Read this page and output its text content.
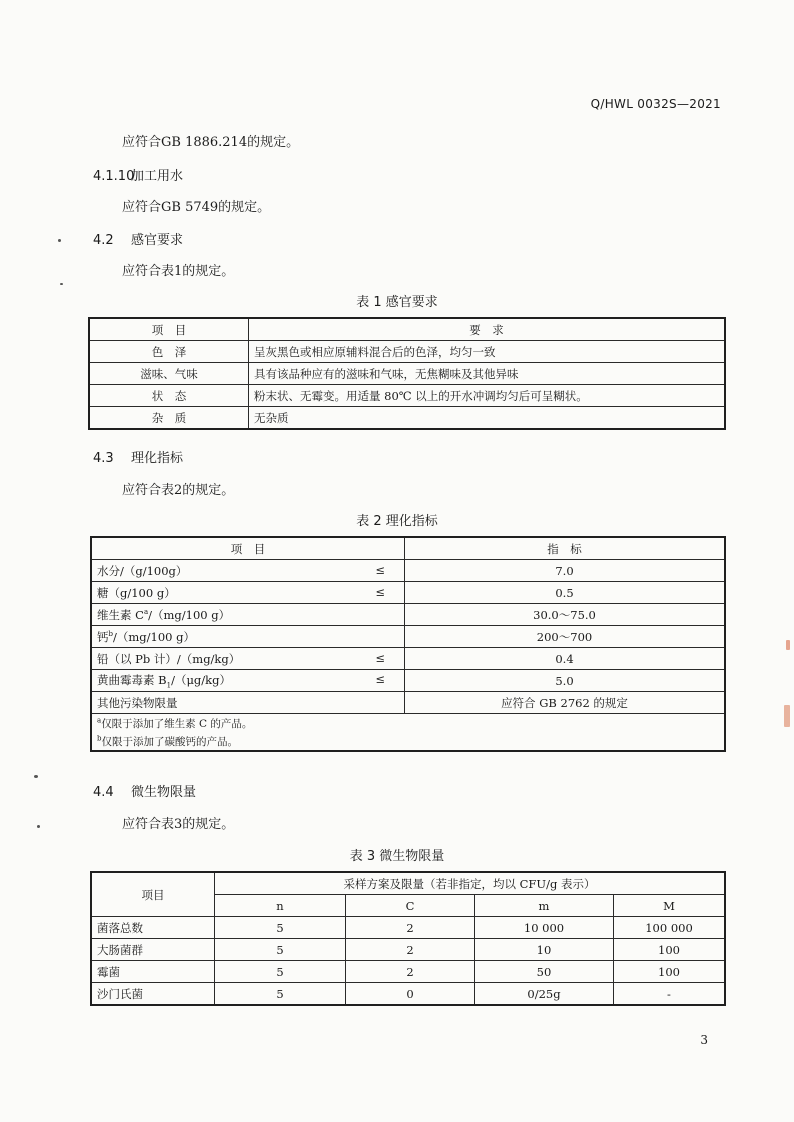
Q/HWL 0032S—2021
应符合GB 1886.214的规定。
4.1.10加工用水
应符合GB 5749的规定。
4.2 感官要求
应符合表1的规定。
表 1 感官要求
项　目	要　求
色　泽	呈灰黑色或相应原辅料混合后的色泽，均匀一致
滋味、气味	具有该品种应有的滋味和气味，无焦糊味及其他异味
状　态	粉末状、无霉变。用适量 80℃ 以上的开水冲调均匀后可呈糊状。
杂　质	无杂质
4.3 理化指标
应符合表2的规定。
表 2 理化指标
项　目	指　标
水分/（g/100g） ≤	7.0
糖（g/100 g） ≤	0.5
维生素 $C^a/(mg/100$ g）	30.0～75.0
钙$^b$/（mg/100 g）	200～700
铅（以 Pb 计）/（mg/kg） ≤	0.4
黄曲霉毒素 $B_1/(\mu g/kg)$ ≤	5.0
其他污染物限量	应符合 GB 2762 的规定
$^a$仅限于添加了维生素 C 的产品。	
$^b$仅限于添加了碳酸钙的产品。	
4.4 微生物限量
应符合表3的规定。
表 3 微生物限量
项目	采样方案及限量（若非指定，均以 CFU/g 表示）			
	n	C	m	M
菌落总数	5	2	10 000	100 000
大肠菌群	5	2	10	100
霉菌	5	2	50	100
沙门氏菌	5	0	0/25g	-
3
